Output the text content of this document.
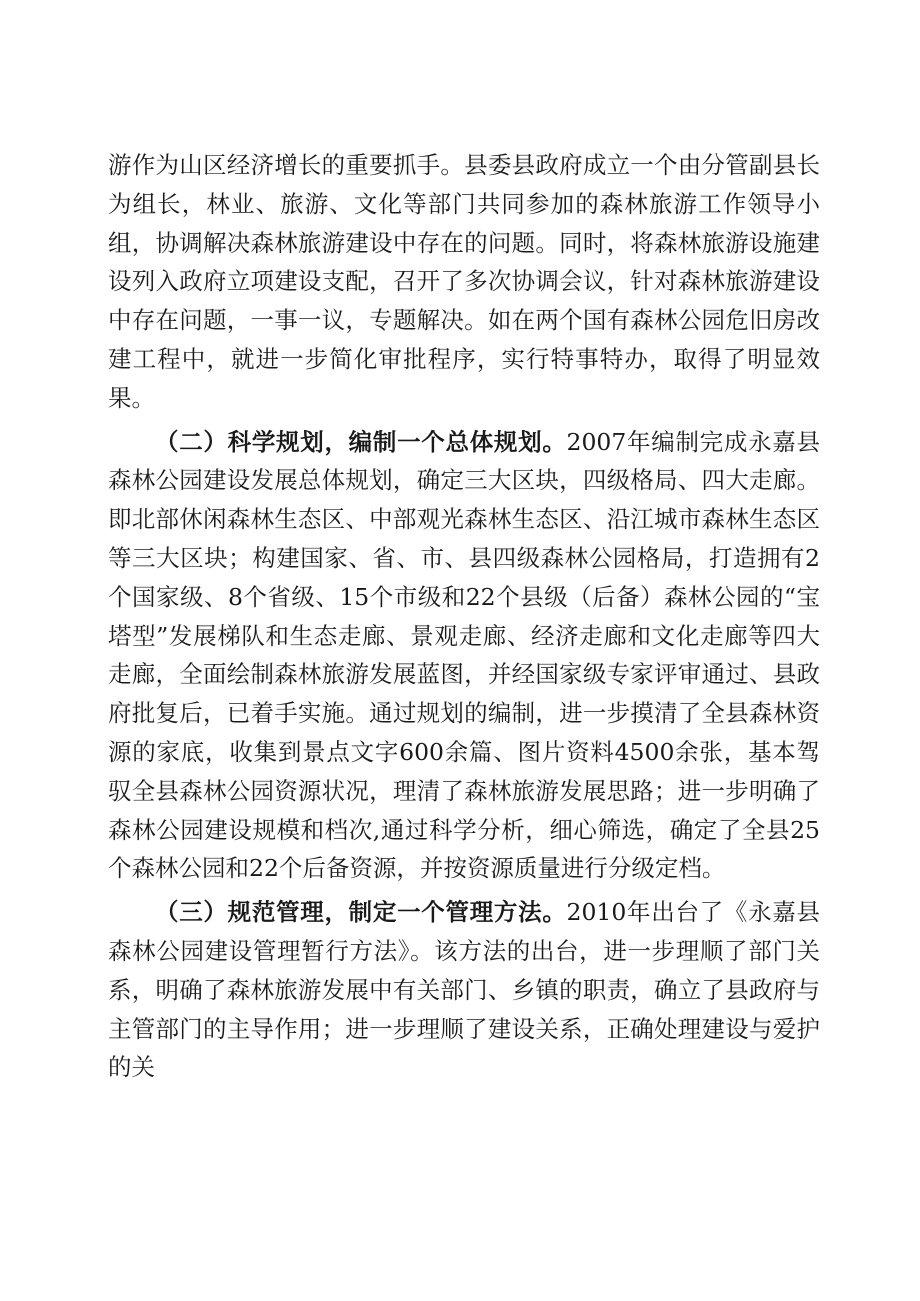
游作为山区经济增长的重要抓手。县委县政府成立一个由分管副县长为组长，林业、旅游、文化等部门共同参加的森林旅游工作领导小组，协调解决森林旅游建设中存在的问题。同时，将森林旅游设施建设列入政府立项建设支配，召开了多次协调会议，针对森林旅游建设中存在问题，一事一议，专题解决。如在两个国有森林公园危旧房改建工程中，就进一步简化审批程序，实行特事特办，取得了明显效果。

（二）科学规划，编制一个总体规划。2007年编制完成永嘉县森林公园建设发展总体规划，确定三大区块，四级格局、四大走廊。即北部休闲森林生态区、中部观光森林生态区、沿江城市森林生态区等三大区块；构建国家、省、市、县四级森林公园格局，打造拥有2个国家级、8个省级、15个市级和22个县级（后备）森林公园的“宝塔型”发展梯队和生态走廊、景观走廊、经济走廊和文化走廊等四大走廊，全面绘制森林旅游发展蓝图，并经国家级专家评审通过、县政府批复后，已着手实施。通过规划的编制，进一步摸清了全县森林资源的家底，收集到景点文字600余篇、图片资料4500余张，基本驾驭全县森林公园资源状况，理清了森林旅游发展思路；进一步明确了森林公园建设规模和档次,通过科学分析，细心筛选，确定了全县25个森林公园和22个后备资源，并按资源质量进行分级定档。

（三）规范管理，制定一个管理方法。2010年出台了《永嘉县森林公园建设管理暂行方法》。该方法的出台，进一步理顺了部门关系，明确了森林旅游发展中有关部门、乡镇的职责，确立了县政府与主管部门的主导作用；进一步理顺了建设关系，正确处理建设与爱护的关
